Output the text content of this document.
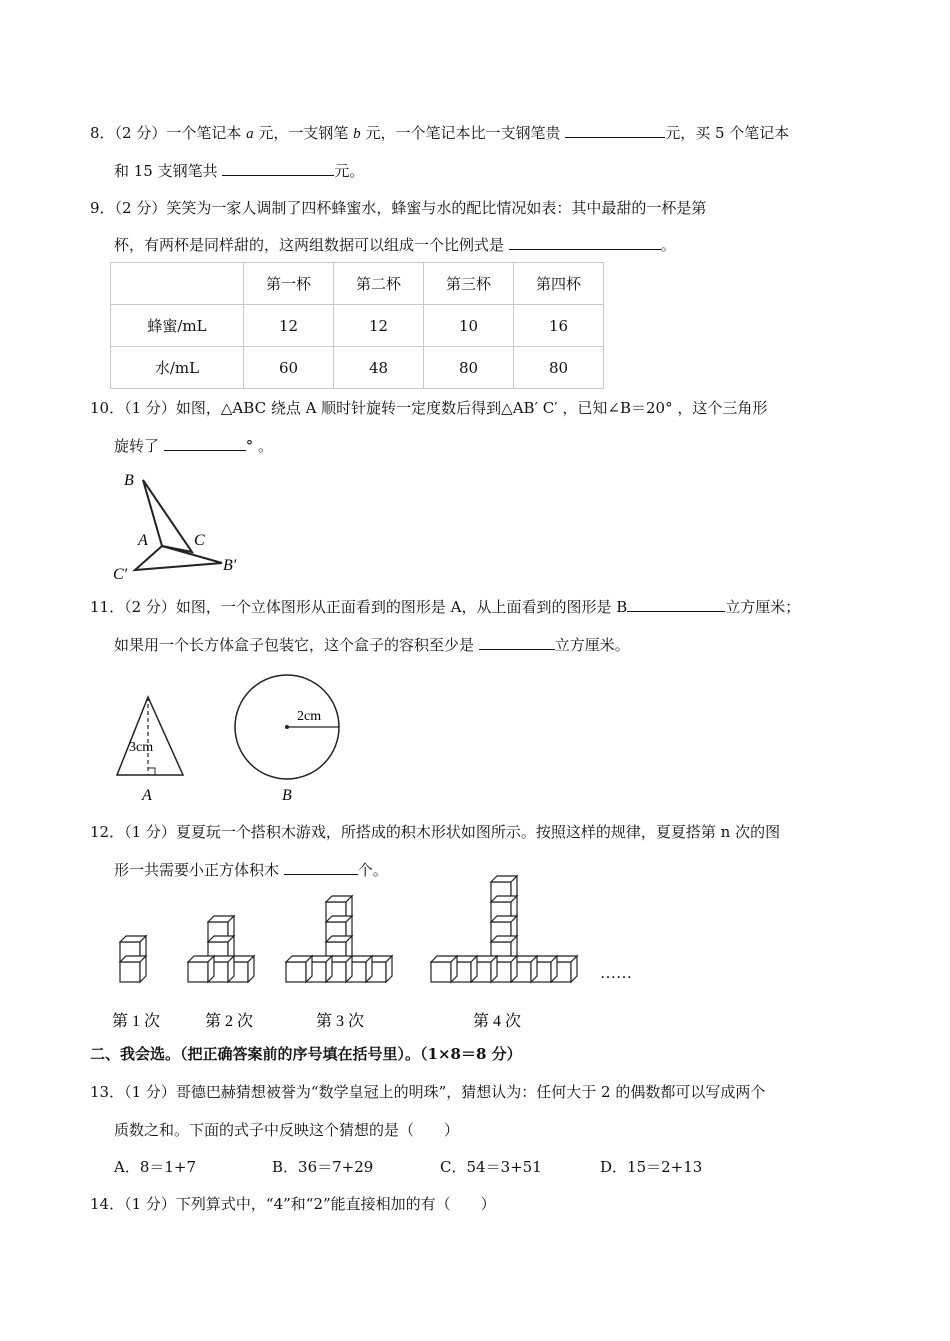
8．（2 分）一个笔记本 a 元，一支钢笔 b 元，一个笔记本比一支钢笔贵	元，买 5 个笔记本
和 15 支钢笔共	元。
9．（2 分）笑笑为一家人调制了四杯蜂蜜水，蜂蜜与水的配比情况如表：其中最甜的一杯是第
杯，有两杯是同样甜的，这两组数据可以组成一个比例式是	。
	第一杯	第二杯	第三杯	第四杯
蜂蜜/mL	12	12	10	16
水/mL	60	48	80	80
10．（1 分）如图，△ABC 绕点 A 顺时针旋转一定度数后得到△AB′ C′ ，已知∠B＝20° ，这个三角形
旋转了	° 。
B
A	C
C′
B′
11．（2 分）如图，一个立体图形从正面看到的图形是 A，从上面看到的图形是 B	立方厘米；
如果用一个长方体盒子包装它，这个盒子的容积至少是	立方厘米。
3cm
A
2cm
B
12．（1 分）夏夏玩一个搭积木游戏，所搭成的积木形状如图所示。按照这样的规律，夏夏搭第 n 次的图
形一共需要小正方体积木	个。
……
第 1 次	第 2 次	第 3 次	第 4 次
二、我会选。（把正确答案前的序号填在括号里）。（1×8＝8 分）
13．（1 分）哥德巴赫猜想被誉为“数学皇冠上的明珠”，猜想认为：任何大于 2 的偶数都可以写成两个
质数之和。下面的式子中反映这个猜想的是（　　）
A．8＝1+7	B．36＝7+29	C．54＝3+51	D．15＝2+13
14．（1 分）下列算式中，“4”和“2”能直接相加的有（　　）
